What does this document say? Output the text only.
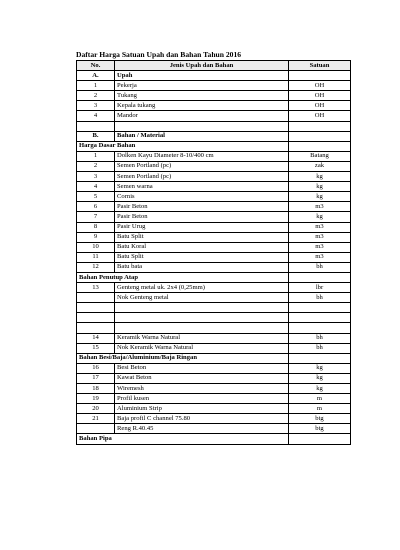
Daftar Harga Satuan Upah dan Bahan Tahun 2016
No.	Jenis Upah dan Bahan	Satuan
A.	Upah	
1	Pekerja	OH
2	Tukang	OH
3	Kepala tukang	OH
4	Mandor	OH

B.	Bahan / Material	
Harga Dasar Bahan		
1	Dolken Kayu Diameter 8-10/400 cm	Batang
2	Semen Portland (pc)	zak
3	Semen Portland (pc)	kg
4	Semen warna	kg
5	Cornis	kg
6	Pasir Beton	m3
7	Pasir Beton	kg
8	Pasir Urug	m3
9	Batu Split	m3
10	Batu Koral	m3
11	Batu Split	m3
12	Batu bata	bh
Bahan Penutup Atap		
13	Genteng metal uk. 2x4 (0,25mm)	lbr
	Nok Genteng metal	bh

14	Keramik Warna Natural	bh
15	Nok Keramik Warna Natural	bh
Bahan Besi/Baja/Aluminium/Baja Ringan		
16	Besi Beton	kg
17	Kawat Beton	kg
18	Wiremesh	kg
19	Profil kusen	m
20	Aluminium Strip	m
21	Baja profil C channel 75.80	btg
	Reng R.40.45	btg
Bahan Pipa		
